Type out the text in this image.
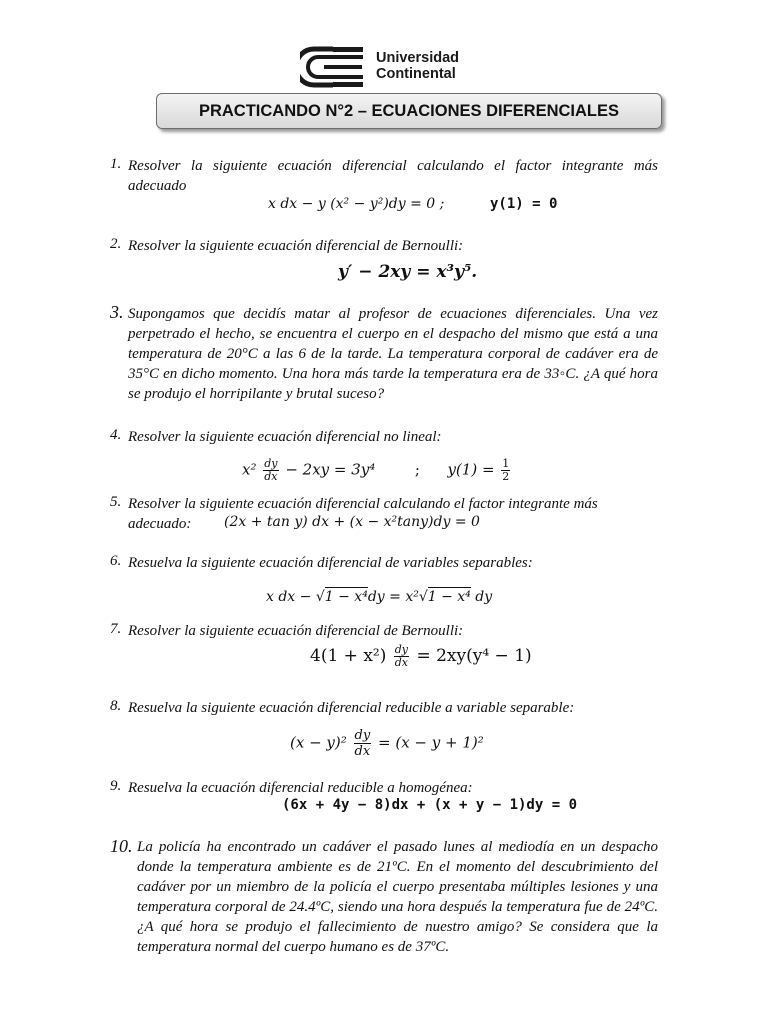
Universidad
Continental
PRACTICANDO N°2 – ECUACIONES DIFERENCIALES
1. Resolver la siguiente ecuación diferencial calculando el factor integrante más adecuado
x dx − y (x² − y²)dy = 0 ;	y(1) = 0
2. Resolver la siguiente ecuación diferencial de Bernoulli:
y′ − 2xy = x³y⁵.
3. Supongamos que decidís matar al profesor de ecuaciones diferenciales. Una vez perpetrado el hecho, se encuentra el cuerpo en el despacho del mismo que está a una temperatura de 20°C a las 6 de la tarde. La temperatura corporal de cadáver era de 35°C en dicho momento. Una hora más tarde la temperatura era de 33◦C. ¿A qué hora se produjo el horripilante y brutal suceso?
4. Resolver la siguiente ecuación diferencial no lineal:
$x^2 \frac{dy}{dx} - 2xy = 3y^4$	; $y(1) = \frac{1}{2}$
5. Resolver la siguiente ecuación diferencial calculando el factor integrante más
adecuado: (2x + tan y) dx + (x − x²tany)dy = 0
6. Resuelva la siguiente ecuación diferencial de variables separables:
x dx − √1 − x⁴dy = x²√1 − x⁴ dy
7. Resolver la siguiente ecuación diferencial de Bernoulli:
$4(1 + x^2) \frac{dy}{dx} = 2xy(y^4 - 1)$
8. Resuelva la siguiente ecuación diferencial reducible a variable separable:
$(x - y)^2 \frac{dy}{dx} = (x - y + 1)^2$
9. Resuelva la ecuación diferencial reducible a homogénea:
(6x + 4y − 8)dx + (x + y − 1)dy = 0
10. La policía ha encontrado un cadáver el pasado lunes al mediodía en un despacho donde la temperatura ambiente es de 21ºC. En el momento del descubrimiento del cadáver por un miembro de la policía el cuerpo presentaba múltiples lesiones y una temperatura corporal de 24.4ºC, siendo una hora después la temperatura fue de 24ºC. ¿A qué hora se produjo el fallecimiento de nuestro amigo? Se considera que la temperatura normal del cuerpo humano es de 37ºC.
